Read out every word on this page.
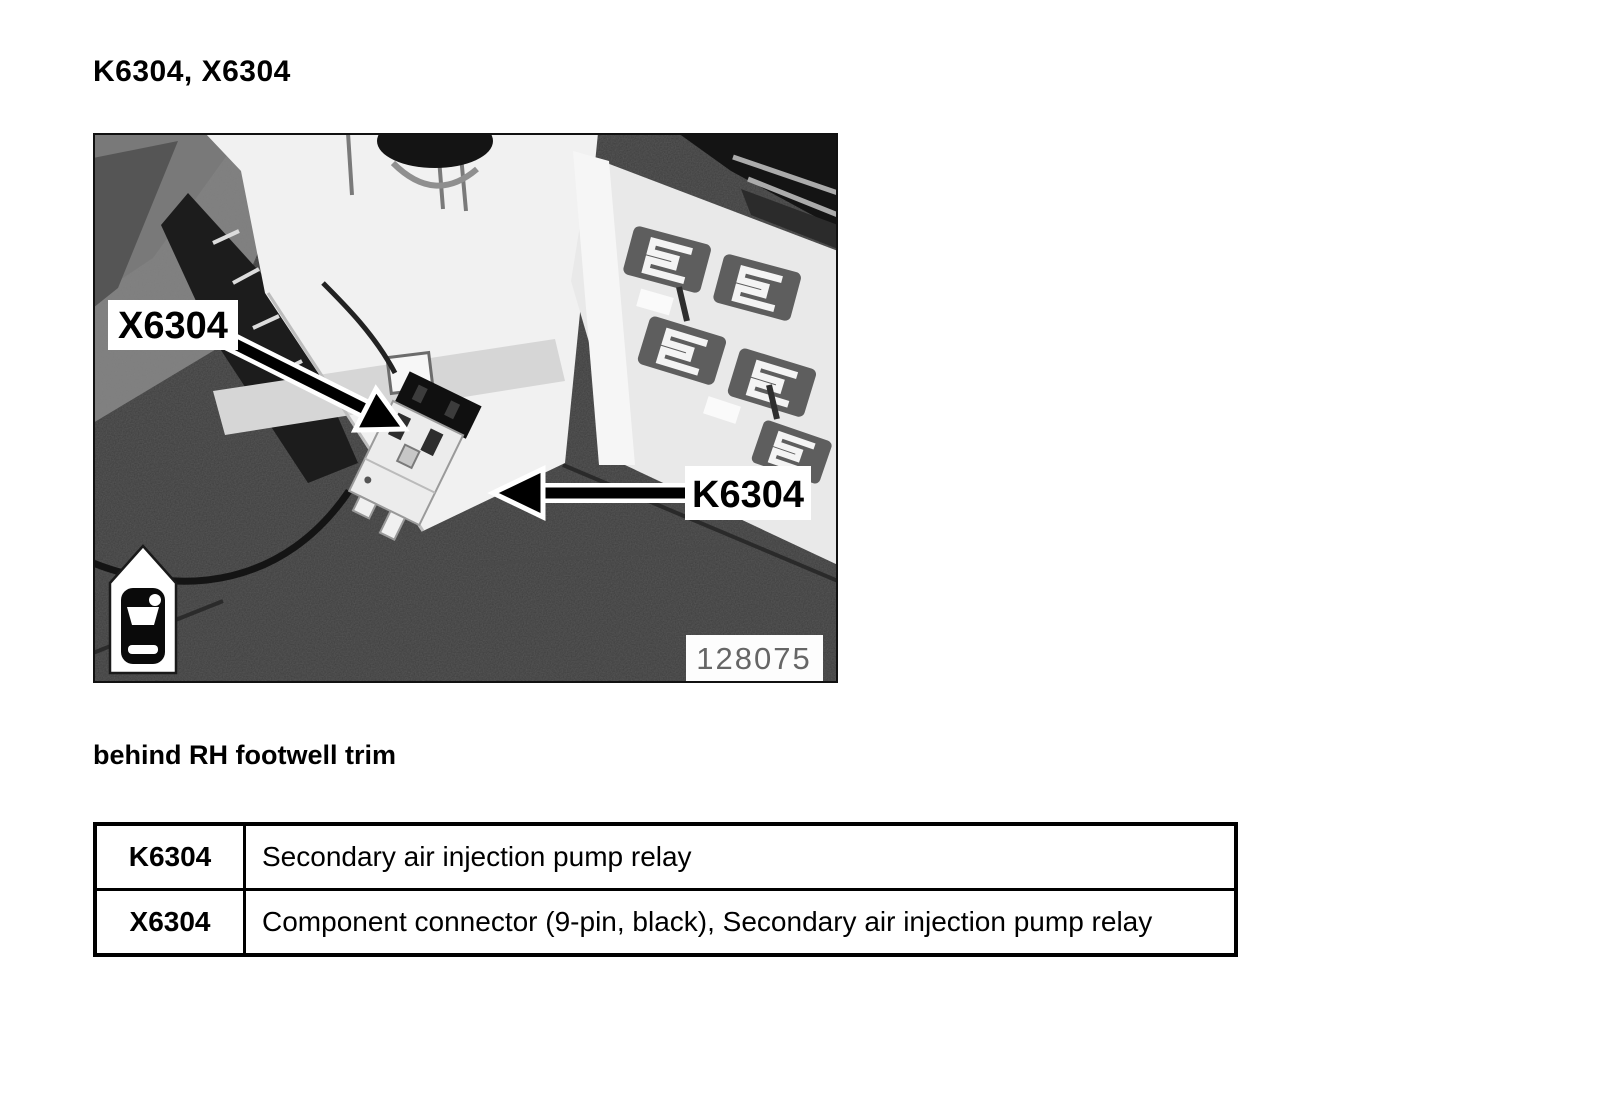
K6304, X6304
X6304
K6304
128075
behind RH footwell trim
K6304	Secondary air injection pump relay
X6304	Component connector (9-pin, black), Secondary air injection pump relay
